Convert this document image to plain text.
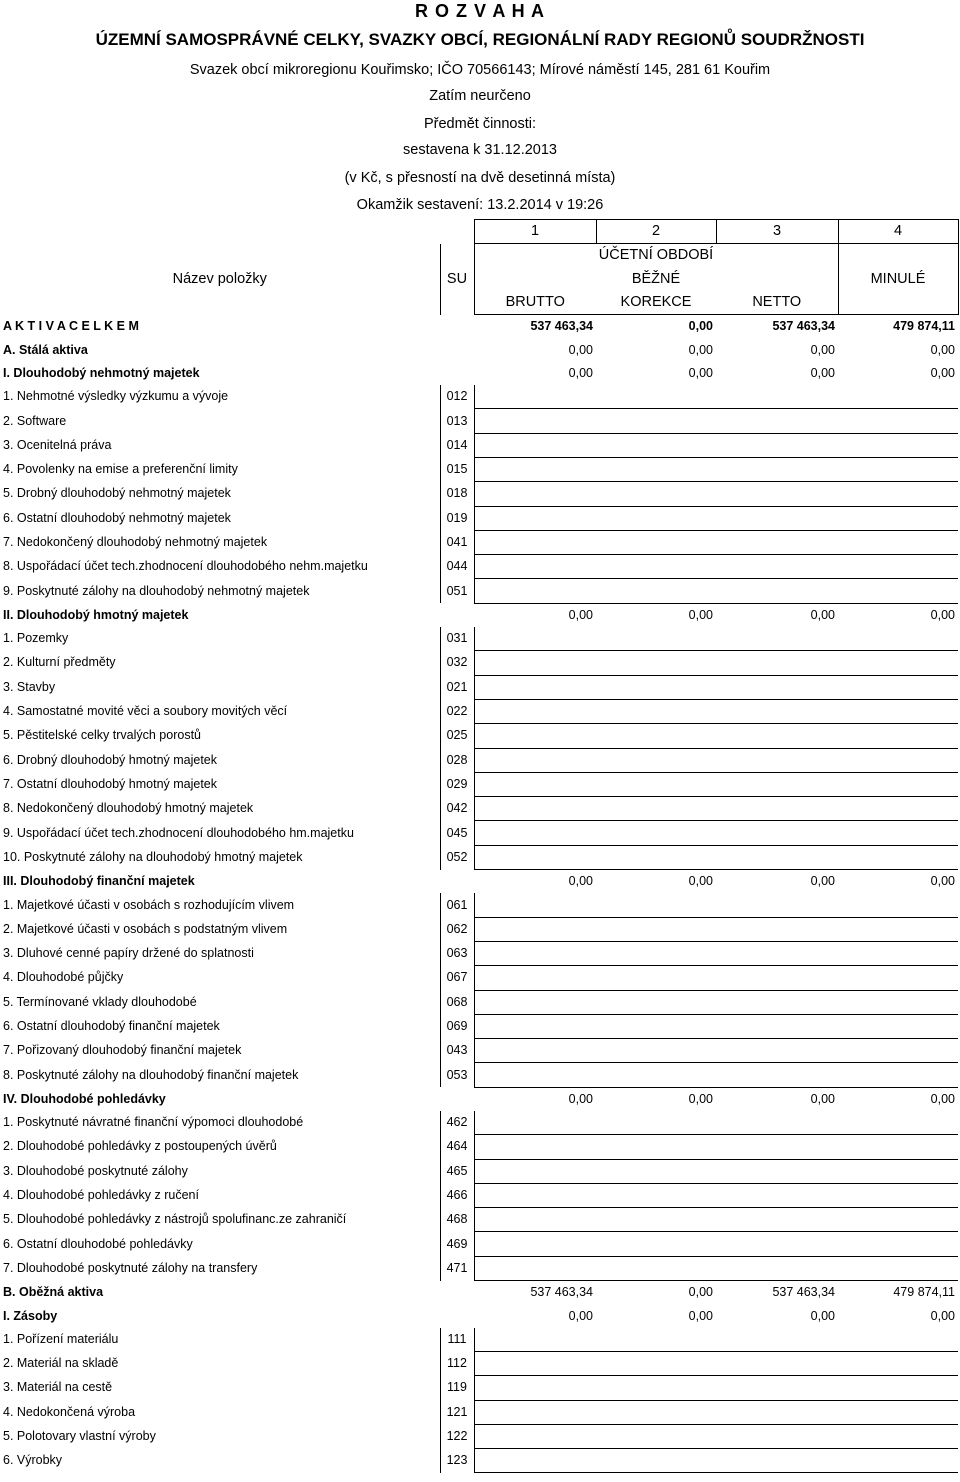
R O Z V A H A
ÚZEMNÍ SAMOSPRÁVNÉ CELKY, SVAZKY OBCÍ, REGIONÁLNÍ RADY REGIONŮ SOUDRŽNOSTI
Svazek obcí mikroregionu Kouřimsko; IČO 70566143; Mírové náměstí 145, 281 61 Kouřim
Zatím neurčeno
Předmět činnosti:
sestavena k 31.12.2013
(v Kč, s přesností na dvě desetinná místa)
Okamžik sestavení: 13.2.2014 v 19:26
		1	2	3	4
Název položky	SU	ÚČETNÍ OBDOBÍ			MINULÉ
		BĚŽNÉ			
		BRUTTO	KOREKCE	NETTO	
A K T I V A C E L K E M		537 463,34	0,00	537 463,34	479 874,11
A. Stálá aktiva		0,00	0,00	0,00	0,00
I. Dlouhodobý nehmotný majetek		0,00	0,00	0,00	0,00
1. Nehmotné výsledky výzkumu a vývoje	012				
2. Software	013				
3. Ocenitelná práva	014				
4. Povolenky na emise a preferenční limity	015				
5. Drobný dlouhodobý nehmotný majetek	018				
6. Ostatní dlouhodobý nehmotný majetek	019				
7. Nedokončený dlouhodobý nehmotný majetek	041				
8. Uspořádací účet tech.zhodnocení dlouhodobého nehm.majetku	044				
9. Poskytnuté zálohy na dlouhodobý nehmotný majetek	051				
II. Dlouhodobý hmotný majetek		0,00	0,00	0,00	0,00
1. Pozemky	031				
2. Kulturní předměty	032				
3. Stavby	021				
4. Samostatné movité věci a soubory movitých věcí	022				
5. Pěstitelské celky trvalých porostů	025				
6. Drobný dlouhodobý hmotný majetek	028				
7. Ostatní dlouhodobý hmotný majetek	029				
8. Nedokončený dlouhodobý hmotný majetek	042				
9. Uspořádací účet tech.zhodnocení dlouhodobého hm.majetku	045				
10. Poskytnuté zálohy na dlouhodobý hmotný majetek	052				
III. Dlouhodobý finanční majetek		0,00	0,00	0,00	0,00
1. Majetkové účasti v osobách s rozhodujícím vlivem	061				
2. Majetkové účasti v osobách s podstatným vlivem	062				
3. Dluhové cenné papíry držené do splatnosti	063				
4. Dlouhodobé půjčky	067				
5. Termínované vklady dlouhodobé	068				
6. Ostatní dlouhodobý finanční majetek	069				
7. Pořizovaný dlouhodobý finanční majetek	043				
8. Poskytnuté zálohy na dlouhodobý finanční majetek	053				
IV. Dlouhodobé pohledávky		0,00	0,00	0,00	0,00
1. Poskytnuté návratné finanční výpomoci dlouhodobé	462				
2. Dlouhodobé pohledávky z postoupených úvěrů	464				
3. Dlouhodobé poskytnuté zálohy	465				
4. Dlouhodobé pohledávky z ručení	466				
5. Dlouhodobé pohledávky z nástrojů spolufinanc.ze zahraničí	468				
6. Ostatní dlouhodobé pohledávky	469				
7. Dlouhodobé poskytnuté zálohy na transfery	471				
B. Oběžná aktiva		537 463,34	0,00	537 463,34	479 874,11
I. Zásoby		0,00	0,00	0,00	0,00
1. Pořízení materiálu	111				
2. Materiál na skladě	112				
3. Materiál na cestě	119				
4. Nedokončená výroba	121				
5. Polotovary vlastní výroby	122				
6. Výrobky	123				
